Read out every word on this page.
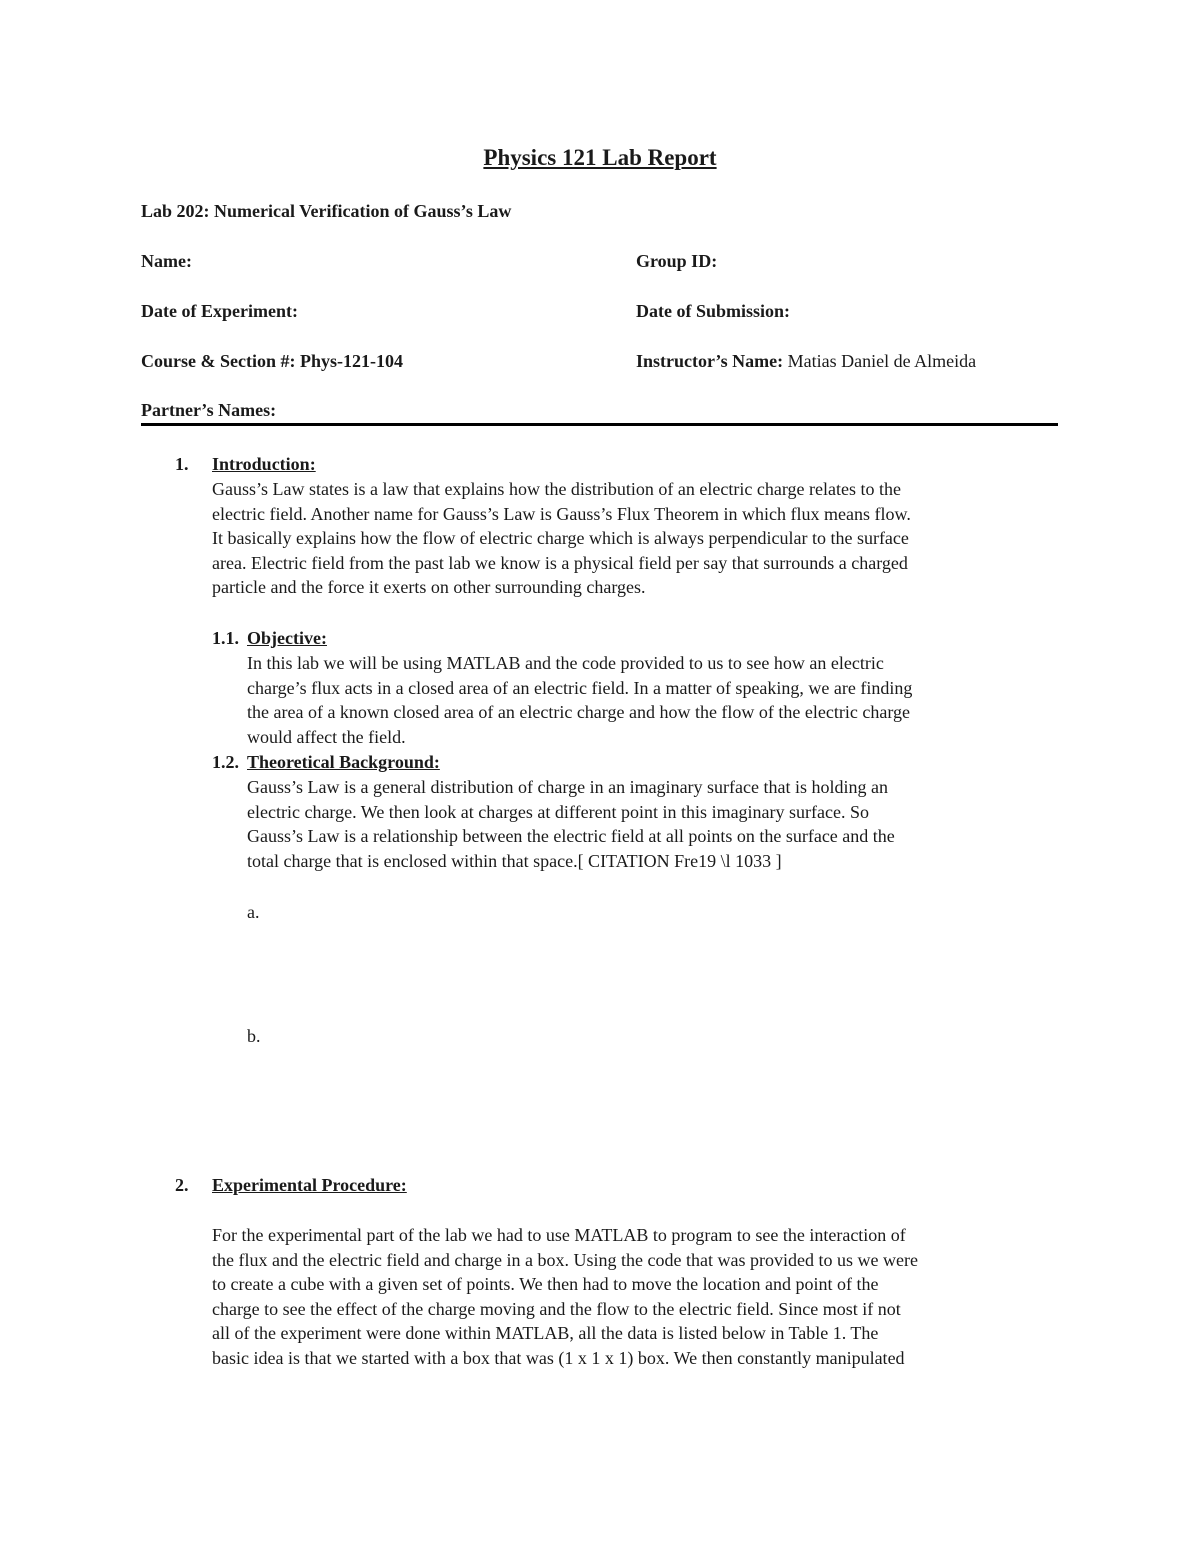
Physics 121 Lab Report
Lab 202: Numerical Verification of Gauss’s Law
Name:	Group ID:
Date of Experiment:	Date of Submission:
Course & Section #: Phys-121-104	Instructor’s Name: Matias Daniel de Almeida
Partner’s Names:
1. Introduction:
Gauss’s Law states is a law that explains how the distribution of an electric charge relates to the
electric field. Another name for Gauss’s Law is Gauss’s Flux Theorem in which flux means flow.
It basically explains how the flow of electric charge which is always perpendicular to the surface
area. Electric field from the past lab we know is a physical field per say that surrounds a charged
particle and the force it exerts on other surrounding charges.
1.1. Objective:
In this lab we will be using MATLAB and the code provided to us to see how an electric
charge’s flux acts in a closed area of an electric field. In a matter of speaking, we are finding
the area of a known closed area of an electric charge and how the flow of the electric charge
would affect the field.
1.2. Theoretical Background:
Gauss’s Law is a general distribution of charge in an imaginary surface that is holding an
electric charge. We then look at charges at different point in this imaginary surface. So
Gauss’s Law is a relationship between the electric field at all points on the surface and the
total charge that is enclosed within that space.[ CITATION Fre19 \l 1033 ]
a.
b.
2. Experimental Procedure:
For the experimental part of the lab we had to use MATLAB to program to see the interaction of
the flux and the electric field and charge in a box. Using the code that was provided to us we were
to create a cube with a given set of points. We then had to move the location and point of the
charge to see the effect of the charge moving and the flow to the electric field. Since most if not
all of the experiment were done within MATLAB, all the data is listed below in Table 1. The
basic idea is that we started with a box that was (1 x 1 x 1) box. We then constantly manipulated
